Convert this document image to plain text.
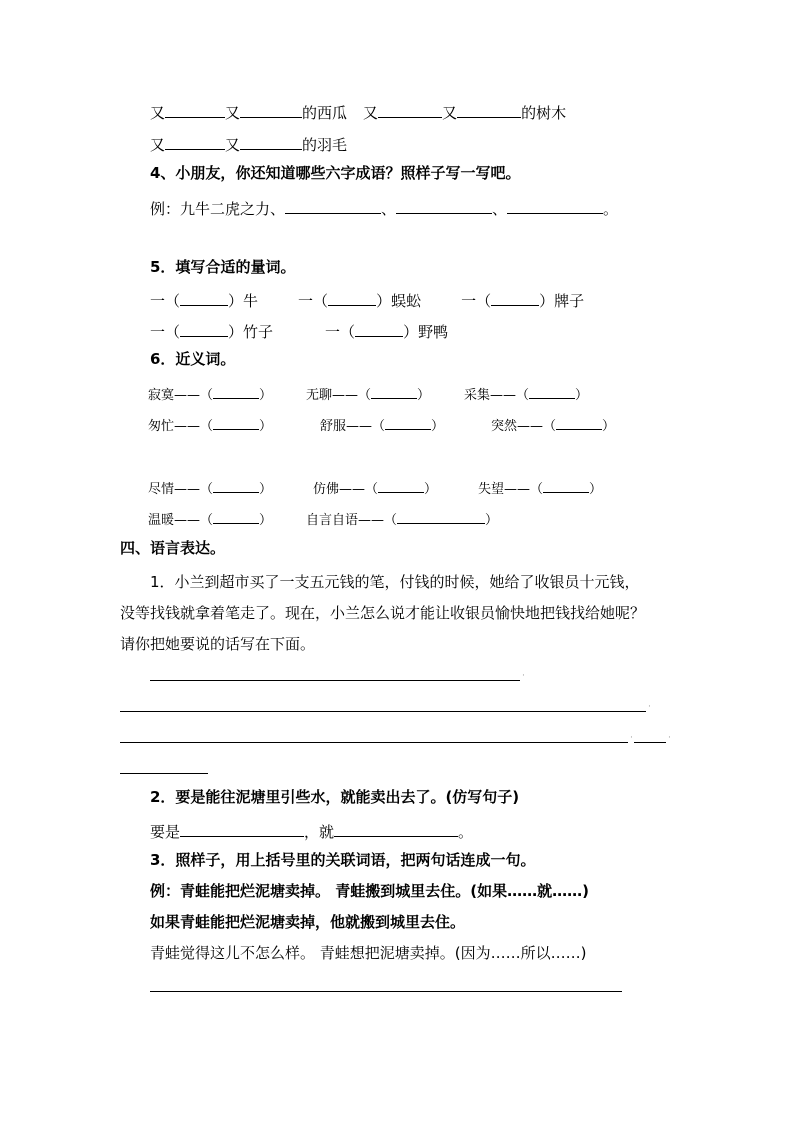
又	又	的西瓜 又	又	的树木
又	又	的羽毛
4、小朋友，你还知道哪些六字成语？照样子写一写吧。
例：九牛二虎之力、	、	、	。
5．填写合适的量词。
一（	）牛	一（	）蜈蚣	一（	）牌子
一（	）竹子	一（	）野鸭
6．近义词。
寂寞——（	）	无聊——（	）	采集——（	）
匆忙——（	）	舒服——（	）	突然——（	）
尽情——（	）	仿佛——（	）	失望——（	）
温暖——（	）	自言自语——（	）
四、语言表达。
1．小兰到超市买了一支五元钱的笔，付钱的时候，她给了收银员十元钱，
没等找钱就拿着笔走了。现在，小兰怎么说才能让收银员愉快地把钱找给她呢？
请你把她要说的话写在下面。
·
·
·	·
2．要是能往泥塘里引些水，就能卖出去了。(仿写句子)
要是	，就	。
3．照样子，用上括号里的关联词语，把两句话连成一句。
例：青蛙能把烂泥塘卖掉。 青蛙搬到城里去住。(如果……就……)
如果青蛙能把烂泥塘卖掉，他就搬到城里去住。
青蛙觉得这儿不怎么样。 青蛙想把泥塘卖掉。(因为……所以……)
